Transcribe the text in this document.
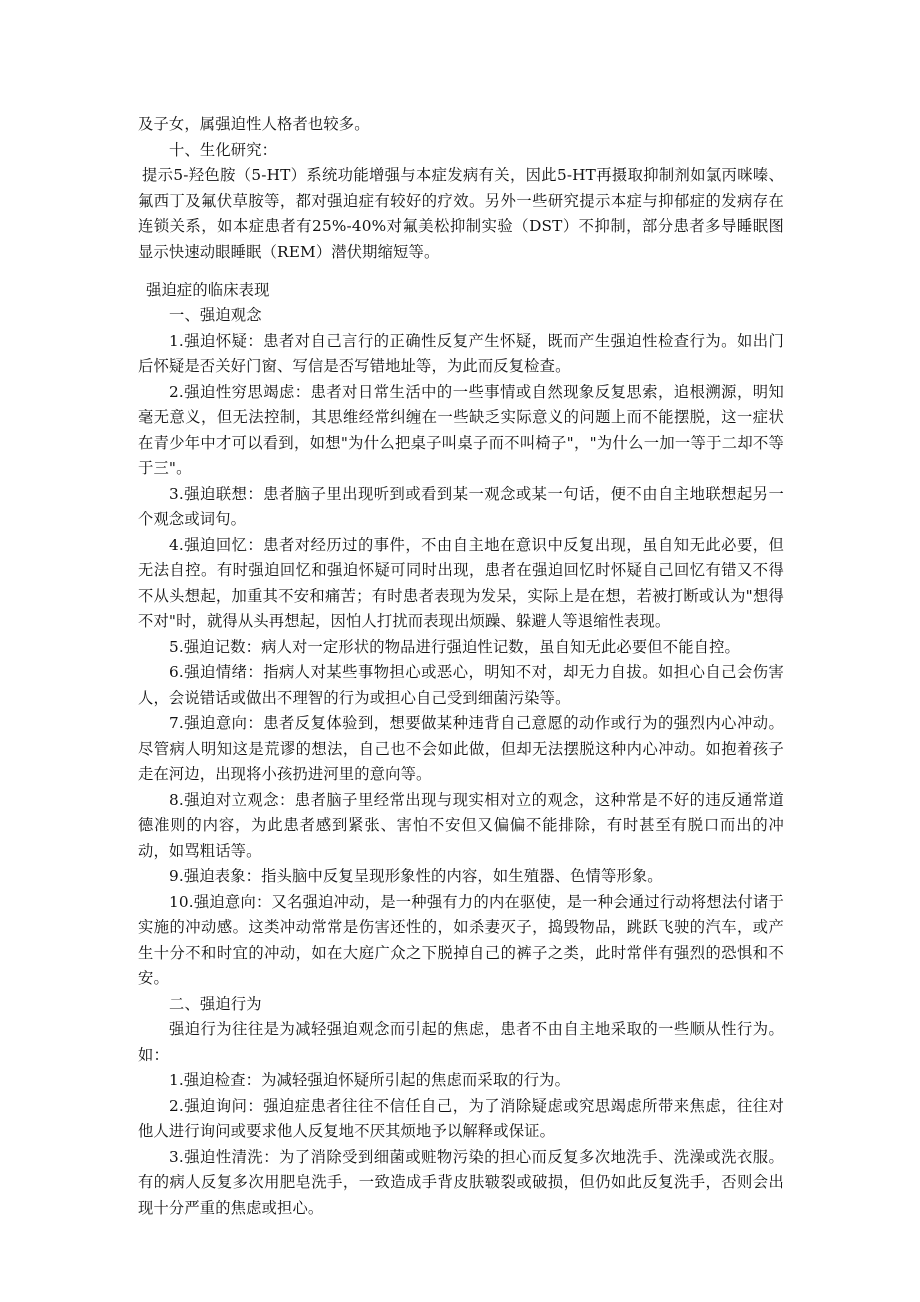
及子女，属强迫性人格者也较多。

十、生化研究：

提示5-羟色胺（5-HT）系统功能增强与本症发病有关，因此5-HT再摄取抑制剂如氯丙咪嗪、氟西丁及氟伏草胺等，都对强迫症有较好的疗效。另外一些研究提示本症与抑郁症的发病存在连锁关系，如本症患者有25%-40%对氟美松抑制实验（DST）不抑制，部分患者多导睡眠图显示快速动眼睡眠（REM）潜伏期缩短等。

强迫症的临床表现

一、强迫观念

1.强迫怀疑：患者对自己言行的正确性反复产生怀疑，既而产生强迫性检查行为。如出门后怀疑是否关好门窗、写信是否写错地址等，为此而反复检查。

2.强迫性穷思竭虑：患者对日常生活中的一些事情或自然现象反复思索，追根溯源，明知毫无意义，但无法控制，其思维经常纠缠在一些缺乏实际意义的问题上而不能摆脱，这一症状在青少年中才可以看到，如想"为什么把桌子叫桌子而不叫椅子"，"为什么一加一等于二却不等于三"。

3.强迫联想：患者脑子里出现听到或看到某一观念或某一句话，便不由自主地联想起另一个观念或词句。

4.强迫回忆：患者对经历过的事件，不由自主地在意识中反复出现，虽自知无此必要，但无法自控。有时强迫回忆和强迫怀疑可同时出现，患者在强迫回忆时怀疑自己回忆有错又不得不从头想起，加重其不安和痛苦；有时患者表现为发呆，实际上是在想，若被打断或认为"想得不对"时，就得从头再想起，因怕人打扰而表现出烦躁、躲避人等退缩性表现。

5.强迫记数：病人对一定形状的物品进行强迫性记数，虽自知无此必要但不能自控。

6.强迫情绪：指病人对某些事物担心或恶心，明知不对，却无力自拔。如担心自己会伤害人，会说错话或做出不理智的行为或担心自己受到细菌污染等。

7.强迫意向：患者反复体验到，想要做某种违背自己意愿的动作或行为的强烈内心冲动。尽管病人明知这是荒谬的想法，自己也不会如此做，但却无法摆脱这种内心冲动。如抱着孩子走在河边，出现将小孩扔进河里的意向等。

8.强迫对立观念：患者脑子里经常出现与现实相对立的观念，这种常是不好的违反通常道德准则的内容，为此患者感到紧张、害怕不安但又偏偏不能排除，有时甚至有脱口而出的冲动，如骂粗话等。

9.强迫表象：指头脑中反复呈现形象性的内容，如生殖器、色情等形象。

10.强迫意向：又名强迫冲动，是一种强有力的内在驱使，是一种会通过行动将想法付诸于实施的冲动感。这类冲动常常是伤害还性的，如杀妻灭子，捣毁物品，跳跃飞驶的汽车，或产生十分不和时宜的冲动，如在大庭广众之下脱掉自己的裤子之类，此时常伴有强烈的恐惧和不安。

二、强迫行为

强迫行为往往是为减轻强迫观念而引起的焦虑，患者不由自主地采取的一些顺从性行为。如：

1.强迫检查：为减轻强迫怀疑所引起的焦虑而采取的行为。

2.强迫询问：强迫症患者往往不信任自己，为了消除疑虑或究思竭虑所带来焦虑，往往对他人进行询问或要求他人反复地不厌其烦地予以解释或保证。

3.强迫性清洗：为了消除受到细菌或赃物污染的担心而反复多次地洗手、洗澡或洗衣服。有的病人反复多次用肥皂洗手，一致造成手背皮肤皲裂或破损，但仍如此反复洗手，否则会出现十分严重的焦虑或担心。
